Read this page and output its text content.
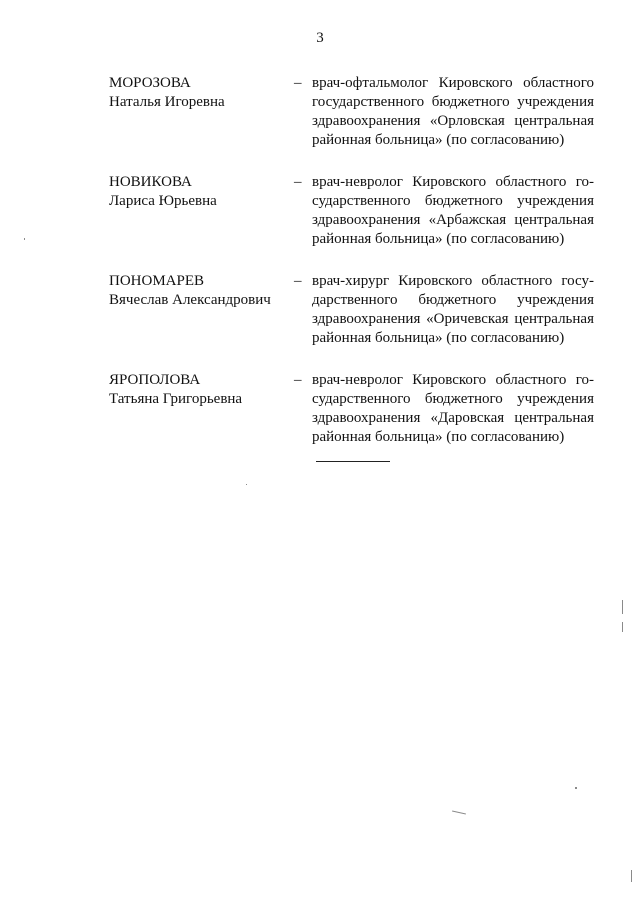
3
МОРОЗОВА
Наталья Игоревна
– врач-офтальмолог Кировского областного государственного бюджетного учреждения здравоохранения «Орловская центральная районная больница» (по согласованию)
НОВИКОВА
Лариса Юрьевна
– врач-невролог Кировского областного государственного бюджетного учреждения здравоохранения «Арбажская центральная районная больница» (по согласованию)
ПОНОМАРЕВ
Вячеслав Александрович
– врач-хирург Кировского областного государственного бюджетного учреждения здравоохранения «Оричевская центральная районная больница» (по согласованию)
ЯРОПОЛОВА
Татьяна Григорьевна
– врач-невролог Кировского областного государственного бюджетного учреждения здравоохранения «Даровская центральная районная больница» (по согласованию)
